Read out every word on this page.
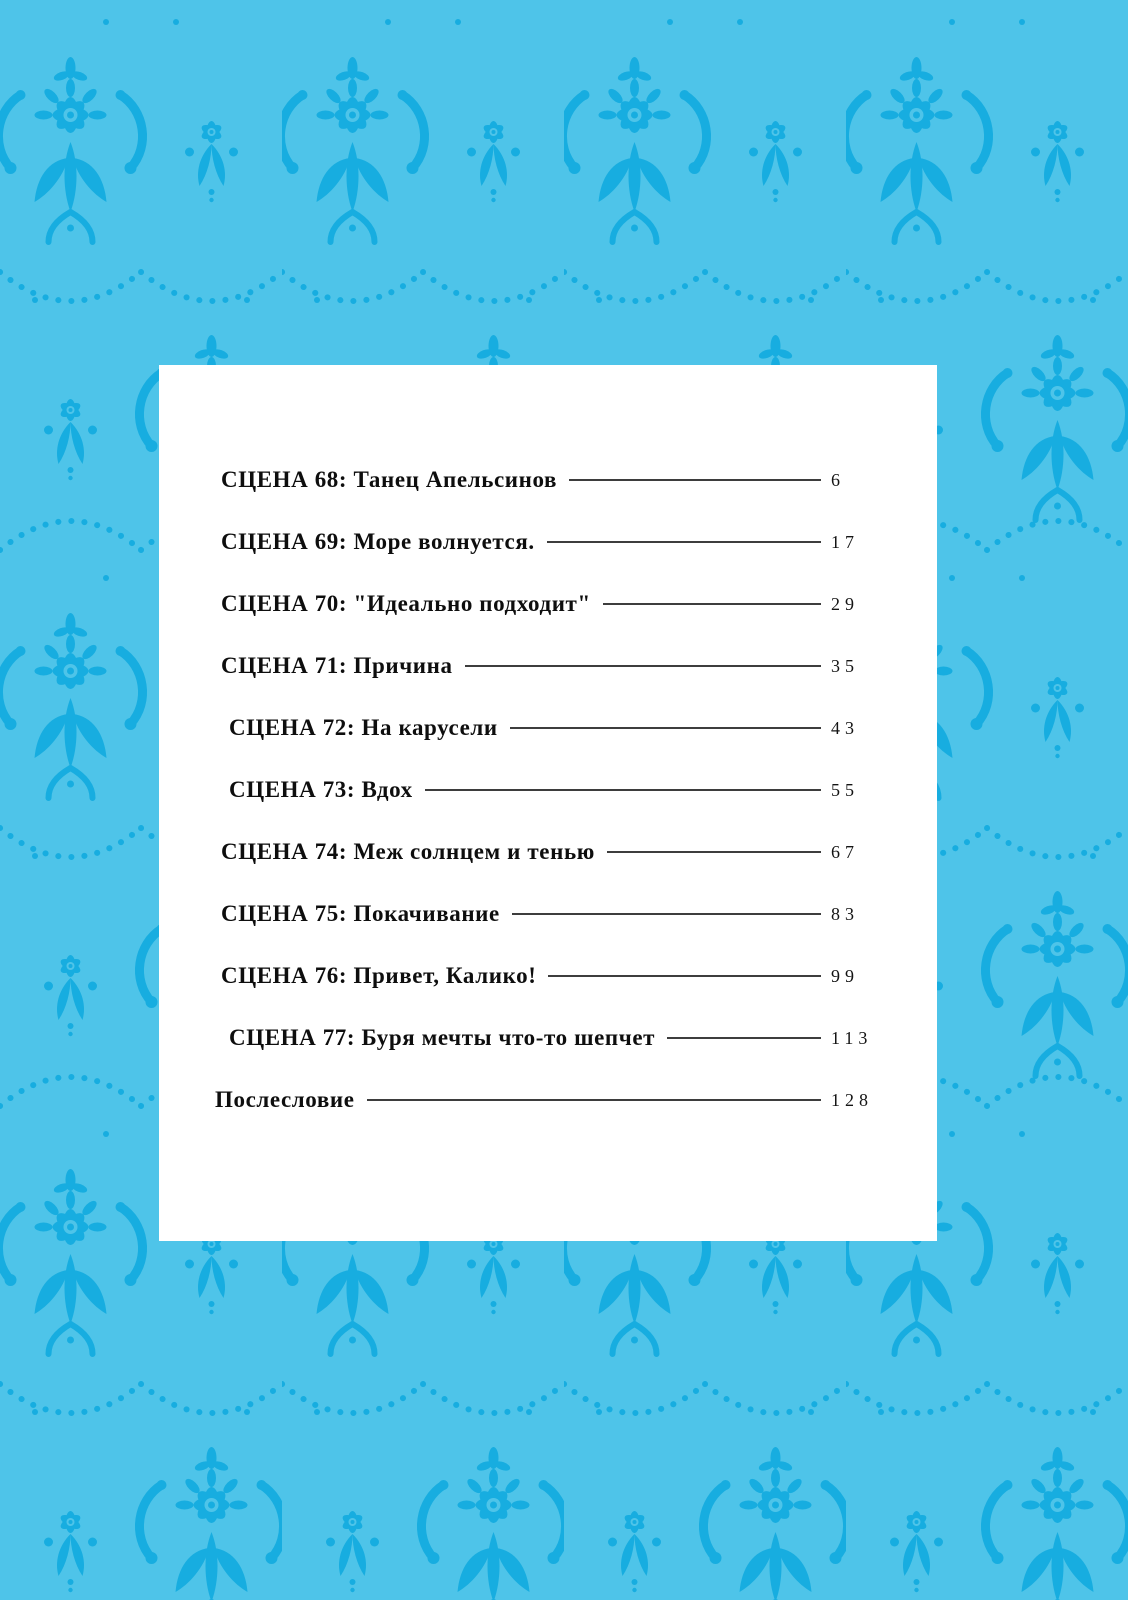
СЦЕНА 68: Танец Апельсинов	6
СЦЕНА 69: Море волнуется.	17
СЦЕНА 70: "Идеально подходит"	29
СЦЕНА 71: Причина	35
СЦЕНА 72: На карусели	43
СЦЕНА 73: Вдох	55
СЦЕНА 74: Меж солнцем и тенью	67
СЦЕНА 75: Покачивание	83
СЦЕНА 76: Привет, Калико!	99
СЦЕНА 77: Буря мечты что-то шепчет	113
Послесловие	128
